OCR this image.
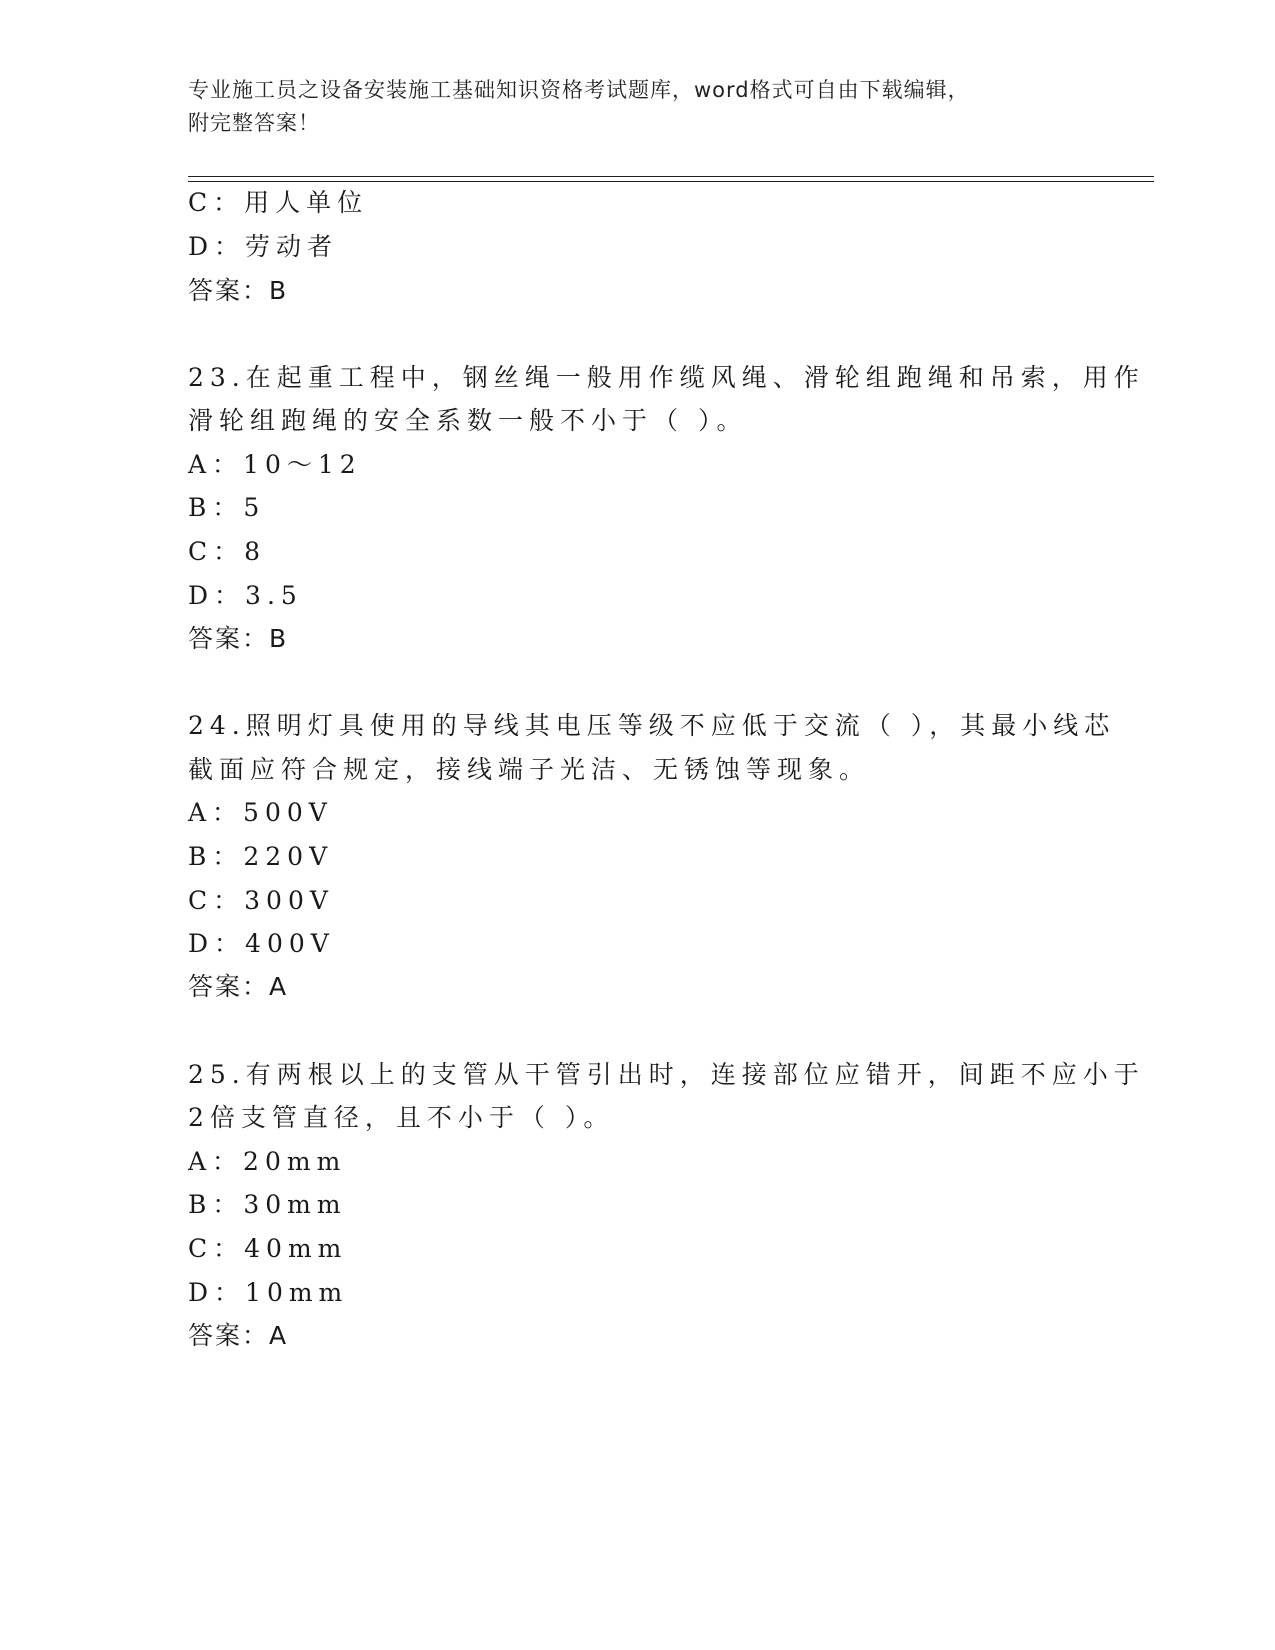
专业施工员之设备安装施工基础知识资格考试题库，word格式可自由下载编辑，
附完整答案！
C：用人单位
D：劳动者
答案：B
23.在起重工程中，钢丝绳一般用作缆风绳、滑轮组跑绳和吊索，用作
滑轮组跑绳的安全系数一般不小于（ ）。
A：10～12
B：5
C：8
D：3.5
答案：B
24.照明灯具使用的导线其电压等级不应低于交流（ ），其最小线芯
截面应符合规定，接线端子光洁、无锈蚀等现象。
A：500V
B：220V
C：300V
D：400V
答案：A
25.有两根以上的支管从干管引出时，连接部位应错开，间距不应小于
2倍支管直径，且不小于（ ）。
A：20mm
B：30mm
C：40mm
D：10mm
答案：A
